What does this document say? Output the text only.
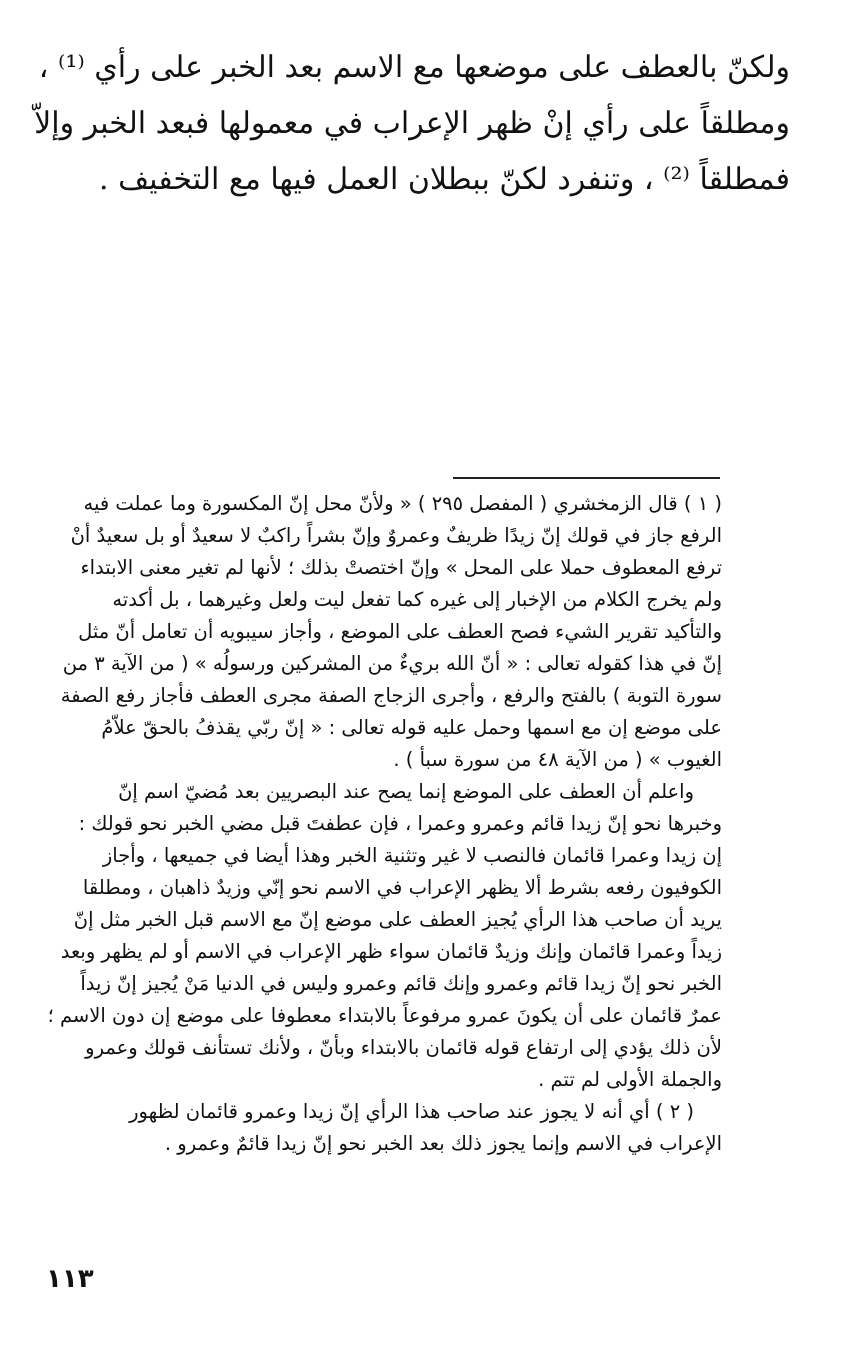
ولكنّ بالعطف على موضعها مع الاسم بعد الخبر على رأي ⁽¹⁾ ،
ومطلقاً على رأي إنْ ظهر الإعراب في معمولها فبعد الخبر وإلاّ
فمطلقاً ⁽²⁾ ، وتنفرد لكنّ ببطلان العمل فيها مع التخفيف .
( ١ ) قال الزمخشري ( المفصل ٢٩٥ ) « ولأنّ محل إنّ المكسورة وما عملت فيه
الرفع جاز في قولك إنّ زيدًا ظريفٌ وعمروٌ وإنّ بشراً راكبٌ لا سعيدٌ أو بل سعيدٌ أنْ
ترفع المعطوف حملا على المحل » وإنّ اختصتْ بذلك ؛ لأنها لم تغير معنى الابتداء
ولم يخرج الكلام من الإخبار إلى غيره كما تفعل ليت ولعل وغيرهما ، بل أكدته
والتأكيد تقرير الشيء فصح العطف على الموضع ، وأجاز سيبويه أن تعامل أنّ مثل
إنّ في هذا كقوله تعالى : « أنّ الله بريءٌ من المشركين ورسولُه » ( من الآية ٣ من
سورة التوبة ) بالفتح والرفع ، وأجرى الزجاج الصفة مجرى العطف فأجاز رفع الصفة
على موضع إن مع اسمها وحمل عليه قوله تعالى : « إنّ ربّي يقذفُ بالحقّ علاّمُ
الغيوب » ( من الآية ٤٨ من سورة سبأ ) .
واعلم أن العطف على الموضع إنما يصح عند البصريين بعد مُضيّ اسم إنّ
وخبرها نحو إنّ زيدا قائم وعمرو وعمرا ، فإن عطفتَ قبل مضي الخبر نحو قولك :
إن زيدا وعمرا قائمان فالنصب لا غير وتثنية الخبر وهذا أيضا في جميعها ، وأجاز
الكوفيون رفعه بشرط ألا يظهر الإعراب في الاسم نحو إنّي وزيدٌ ذاهبان ، ومطلقا
يريد أن صاحب هذا الرأي يُجيز العطف على موضع إنّ مع الاسم قبل الخبر مثل إنّ
زيداً وعمرا قائمان وإنك وزيدٌ قائمان سواء ظهر الإعراب في الاسم أو لم يظهر وبعد
الخبر نحو إنّ زيدا قائم وعمرو وإنك قائم وعمرو وليس في الدنيا مَنْ يُجيز إنّ زيداً
عمرٌ قائمان على أن يكونَ عمرو مرفوعاً بالابتداء معطوفا على موضع إن دون الاسم ؛
لأن ذلك يؤدي إلى ارتفاع قوله قائمان بالابتداء وبأنّ ، ولأنك تستأنف قولك وعمرو
والجملة الأولى لم تتم .
( ٢ ) أي أنه لا يجوز عند صاحب هذا الرأي إنّ زيدا وعمرو قائمان لظهور
الإعراب في الاسم وإنما يجوز ذلك بعد الخبر نحو إنّ زيدا قائمٌ وعمرو .
١١٣
